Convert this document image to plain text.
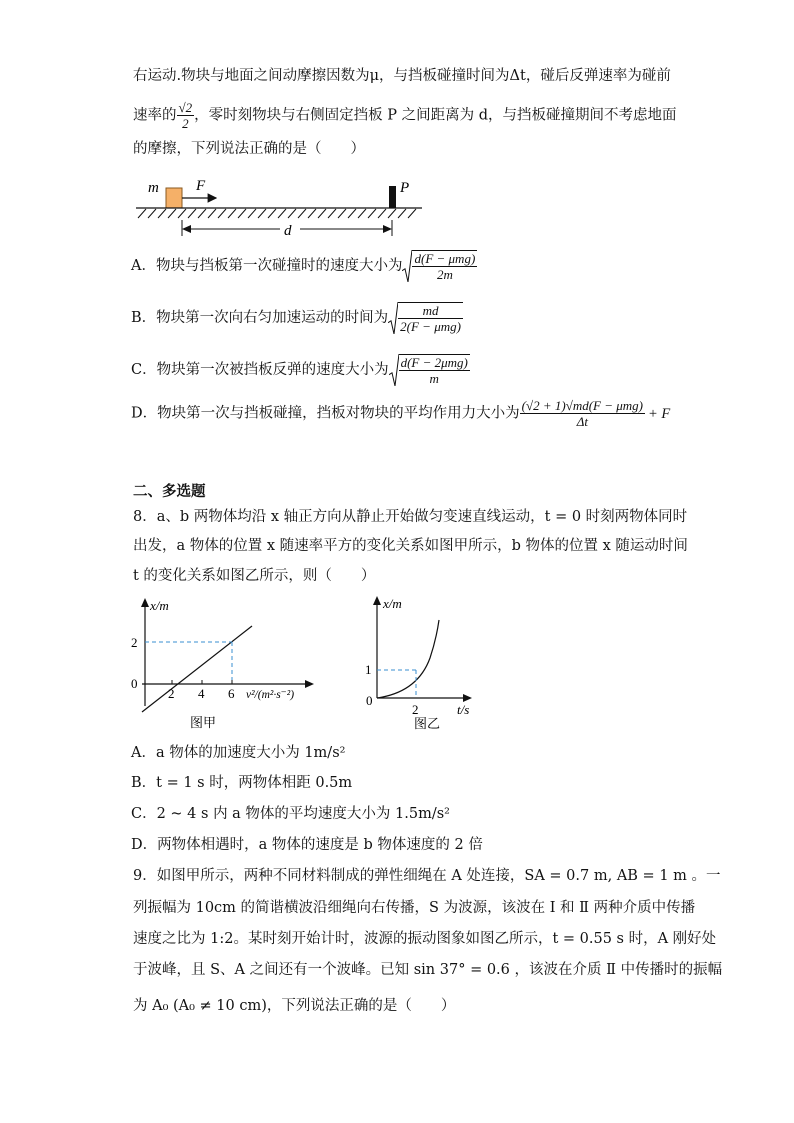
右运动.物块与地面之间动摩擦因数为μ，与挡板碰撞时间为Δt，碰后反弹速率为碰前
速率的 $\frac{√2}{2}$ ，零时刻物块与右侧固定挡板 P 之间距离为 d，与挡板碰撞期间不考虑地面
的摩擦，下列说法正确的是（　　）
m F	P
d
A．物块与挡板第一次碰撞时的速度大小为 $\frac{\text{d(F − μmg)}}{2m}$
B．物块第一次向右匀加速运动的时间为 $\frac{md}{\text{2(F − μmg)}}$
C．物块第一次被挡板反弹的速度大小为 $\frac{\text{d(F − 2μmg)}}{m}$
D．物块第一次与挡板碰撞，挡板对物块的平均作用力大小为 $\frac{\text{(√2 + 1)√md(F − μmg)}}{\Delta t} + F$
二、多选题
8．a、b 两物体均沿 x 轴正方向从静止开始做匀变速直线运动，t = 0 时刻两物体同时
出发，a 物体的位置 x 随速率平方的变化关系如图甲所示，b 物体的位置 x 随运动时间
t 的变化关系如图乙所示，则（　　）
x/m
2
0
2 4 6 v²/(m²·s⁻²)
图甲
x/m
1
0
2	t/s
图乙
A．a 物体的加速度大小为 1m/s²
B．t = 1 s 时，两物体相距 0.5m
C．2 ~ 4 s 内 a 物体的平均速度大小为 1.5m/s²
D．两物体相遇时，a 物体的速度是 b 物体速度的 2 倍
9．如图甲所示，两种不同材料制成的弹性细绳在 A 处连接，SA = 0.7 m, AB = 1 m 。一
列振幅为 10cm 的简谐横波沿细绳向右传播，S 为波源，该波在 Ⅰ 和 Ⅱ 两种介质中传播
速度之比为 1:2。某时刻开始计时，波源的振动图象如图乙所示，t = 0.55 s 时，A 刚好处
于波峰，且 S、A 之间还有一个波峰。已知 sin 37° = 0.6 ，该波在介质 Ⅱ 中传播时的振幅
为 A₀ (A₀ ≠ 10 cm)，下列说法正确的是（　　）
